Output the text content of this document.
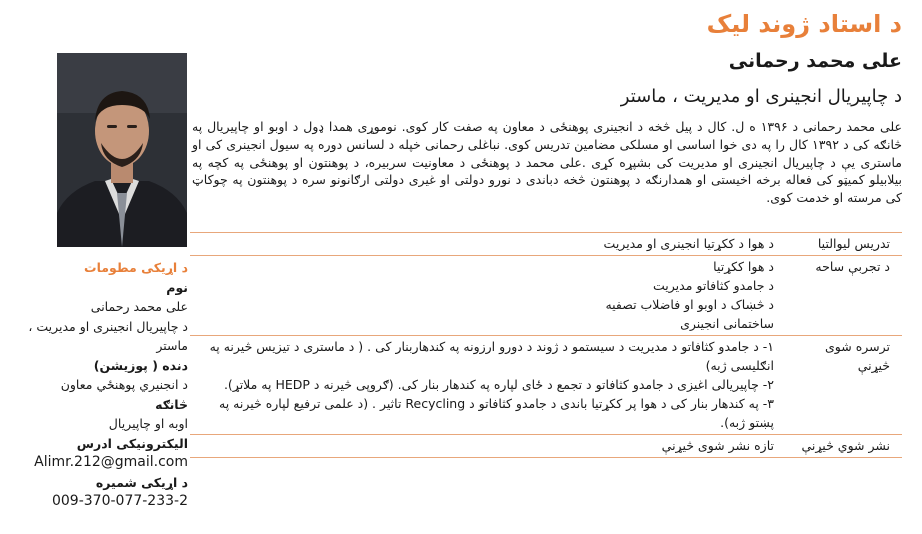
د استاد ژوند لیک
علی محمد رحمانی
د چاپیریال انجینری او مدیریت ، ماستر
علی محمد رحمانی د ۱۳۹۶ ه ل. کال د پیل څخه د انجینری پوهنځی د معاون په صفت کار کوی. نوموړی همدا ډول د اوبو او چاپیریال په څانګه کی د ۱۳۹۲ کال را په دی خوا اساسی او مسلکی مضامین تدریس کوی. نباغلی رحمانی خپله د لسانس دوره په سیول انجینری کی او ماستری یې د چاپیریال انجینری او مدیریت کی بشپړه کړی .علی محمد د پوهنځی د معاونیت سربیره، د پوهنتون او پوهنځی په کچه په بیلابیلو کمیټو کی فعاله برخه اخیستی او همدارنګه د پوهنتون څخه دباندی د نورو دولتی او غیری دولتی ارګانونو سره د پوهنتون په چوکاټ کی مرسته او خدمت کوی.
تدریس لیوالتیا	د هوا د ککړتیا انجینری او مدیریت

د تجربې ساحه	د هوا ککړتیا
د جامدو کثافاتو مدیریت
د څښاک د اوبو او فاضلاب تصفیه
ساختمانی انجینری

ترسره شوی څیړنې	۱- د جامدو کثافاتو د مدیریت د سیستمو د ژوند د دورو ارزونه په کندهاربنار کی . ( د ماستری د تیزیس څیرنه په انګلیسی ژبه)
۲- چاپیریالی اغیزی د جامدو کثافاتو د تجمع د ځای لپاره په کندهار بنار کی. (ګروپی څیرنه د HEDP په ملاتړ).
۳- په کندهار بنار کی د هوا پر ککړتیا باندی د جامدو کثافاتو د Recycling تاثیر . (د علمی ترفیع لپاره څیرنه په پښتو ژبه).

نشر شوي څیړنې	تازه نشر شوی څیړنې
د اړیکی مطومات
نوم
علی محمد رحمانی
د چاپیریال انجینری او مدیریت ، ماستر
دنده ( پوزیشن)
د انجنیري پوهنځي معاون
څانګه
اوبه او چاپیریال
الیکترونیکی ادرس
Alimr.212@gmail.com
د اړیکی شمیره
009-370-077-233-2
